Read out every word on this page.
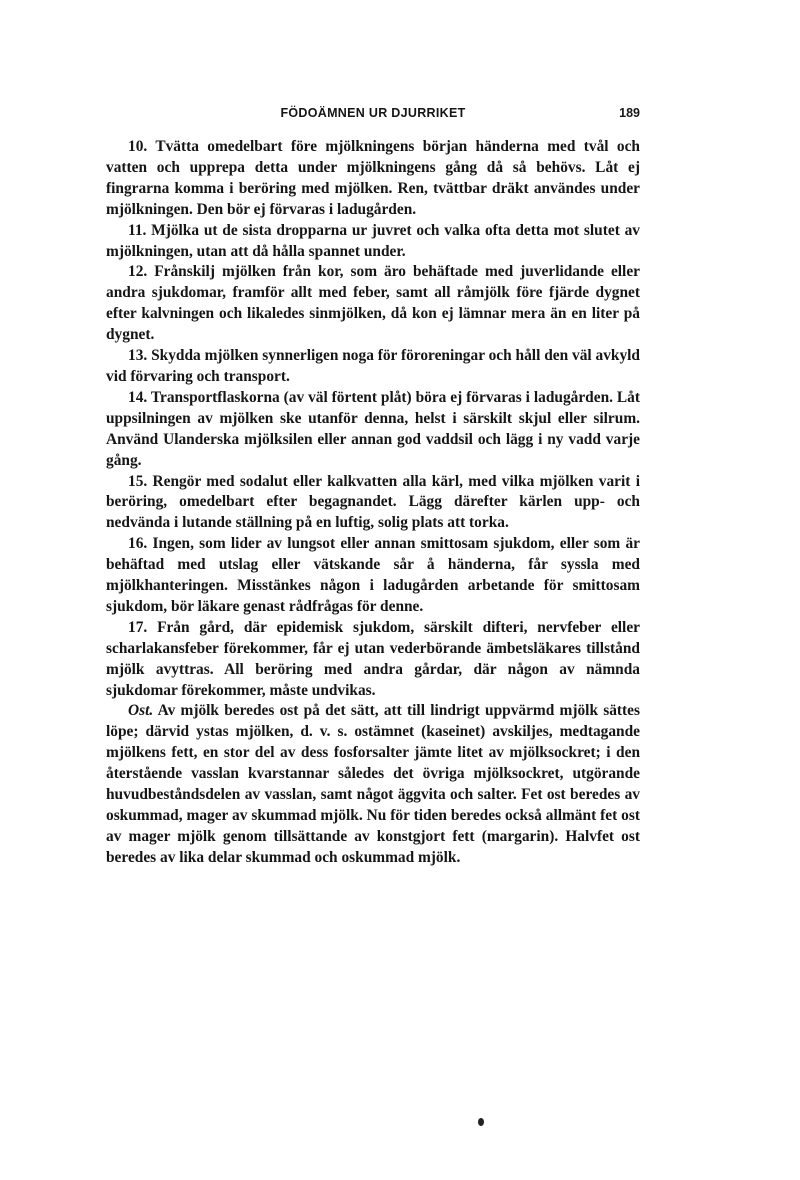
FÖDOÄMNEN UR DJURRIKET	189

10. Tvätta omedelbart före mjölkningens början händerna med tvål och vatten och upprepa detta under mjölkningens gång då så behövs. Låt ej fingrarna komma i beröring med mjölken. Ren, tvättbar dräkt användes under mjölkningen. Den bör ej förvaras i ladugården.

11. Mjölka ut de sista dropparna ur juvret och valka ofta detta mot slutet av mjölkningen, utan att då hålla spannet under.

12. Frånskilj mjölken från kor, som äro behäftade med juverlidande eller andra sjukdomar, framför allt med feber, samt all råmjölk före fjärde dygnet efter kalvningen och likaledes sinmjölken, då kon ej lämnar mera än en liter på dygnet.

13. Skydda mjölken synnerligen noga för föroreningar och håll den väl avkyld vid förvaring och transport.

14. Transportflaskorna (av väl förtent plåt) böra ej förvaras i ladugården. Låt uppsilningen av mjölken ske utanför denna, helst i särskilt skjul eller silrum. Använd Ulanderska mjölksilen eller annan god vaddsil och lägg i ny vadd varje gång.

15. Rengör med sodalut eller kalkvatten alla kärl, med vilka mjölken varit i beröring, omedelbart efter begagnandet. Lägg därefter kärlen upp- och nedvända i lutande ställning på en luftig, solig plats att torka.

16. Ingen, som lider av lungsot eller annan smittosam sjukdom, eller som är behäftad med utslag eller vätskande sår å händerna, får syssla med mjölkhanteringen. Misstänkes någon i ladugården arbetande för smittosam sjukdom, bör läkare genast rådfrågas för denne.

17. Från gård, där epidemisk sjukdom, särskilt difteri, nervfeber eller scharlakansfeber förekommer, får ej utan vederbörande ämbetsläkares tillstånd mjölk avyttras. All beröring med andra gårdar, där någon av nämnda sjukdomar förekommer, måste undvikas.

Ost. Av mjölk beredes ost på det sätt, att till lindrigt uppvärmd mjölk sättes löpe; därvid ystas mjölken, d. v. s. ostämnet (kaseinet) avskiljes, medtagande mjölkens fett, en stor del av dess fosforsalter jämte litet av mjölksockret; i den återstående vasslan kvarstannar således det övriga mjölksockret, utgörande huvudbeståndsdelen av vasslan, samt något äggvita och salter. Fet ost beredes av oskummad, mager av skummad mjölk. Nu för tiden beredes också allmänt fet ost av mager mjölk genom tillsättande av konstgjort fett (margarin). Halvfet ost beredes av lika delar skummad och oskummad mjölk.
